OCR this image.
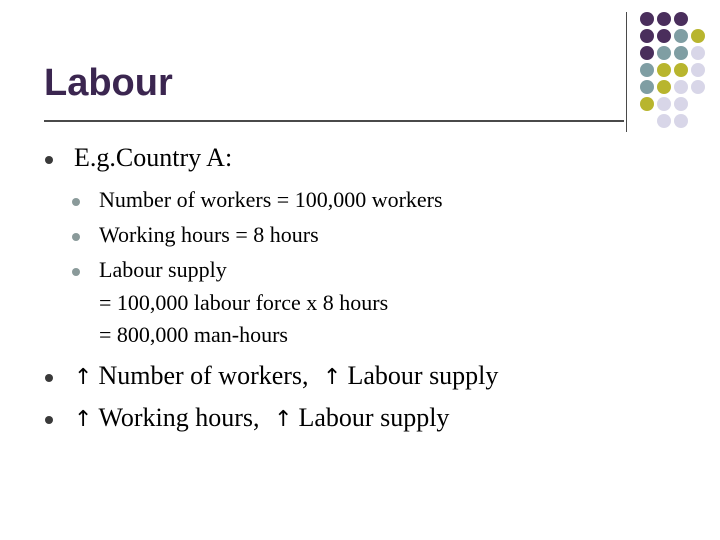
Labour
E.g.Country A:
Number of workers = 100,000 workers
Working hours = 8 hours
Labour supply
= 100,000 labour force x 8 hours
= 800,000 man-hours
↑ Number of workers, ↑ Labour supply
↑ Working hours, ↑ Labour supply
